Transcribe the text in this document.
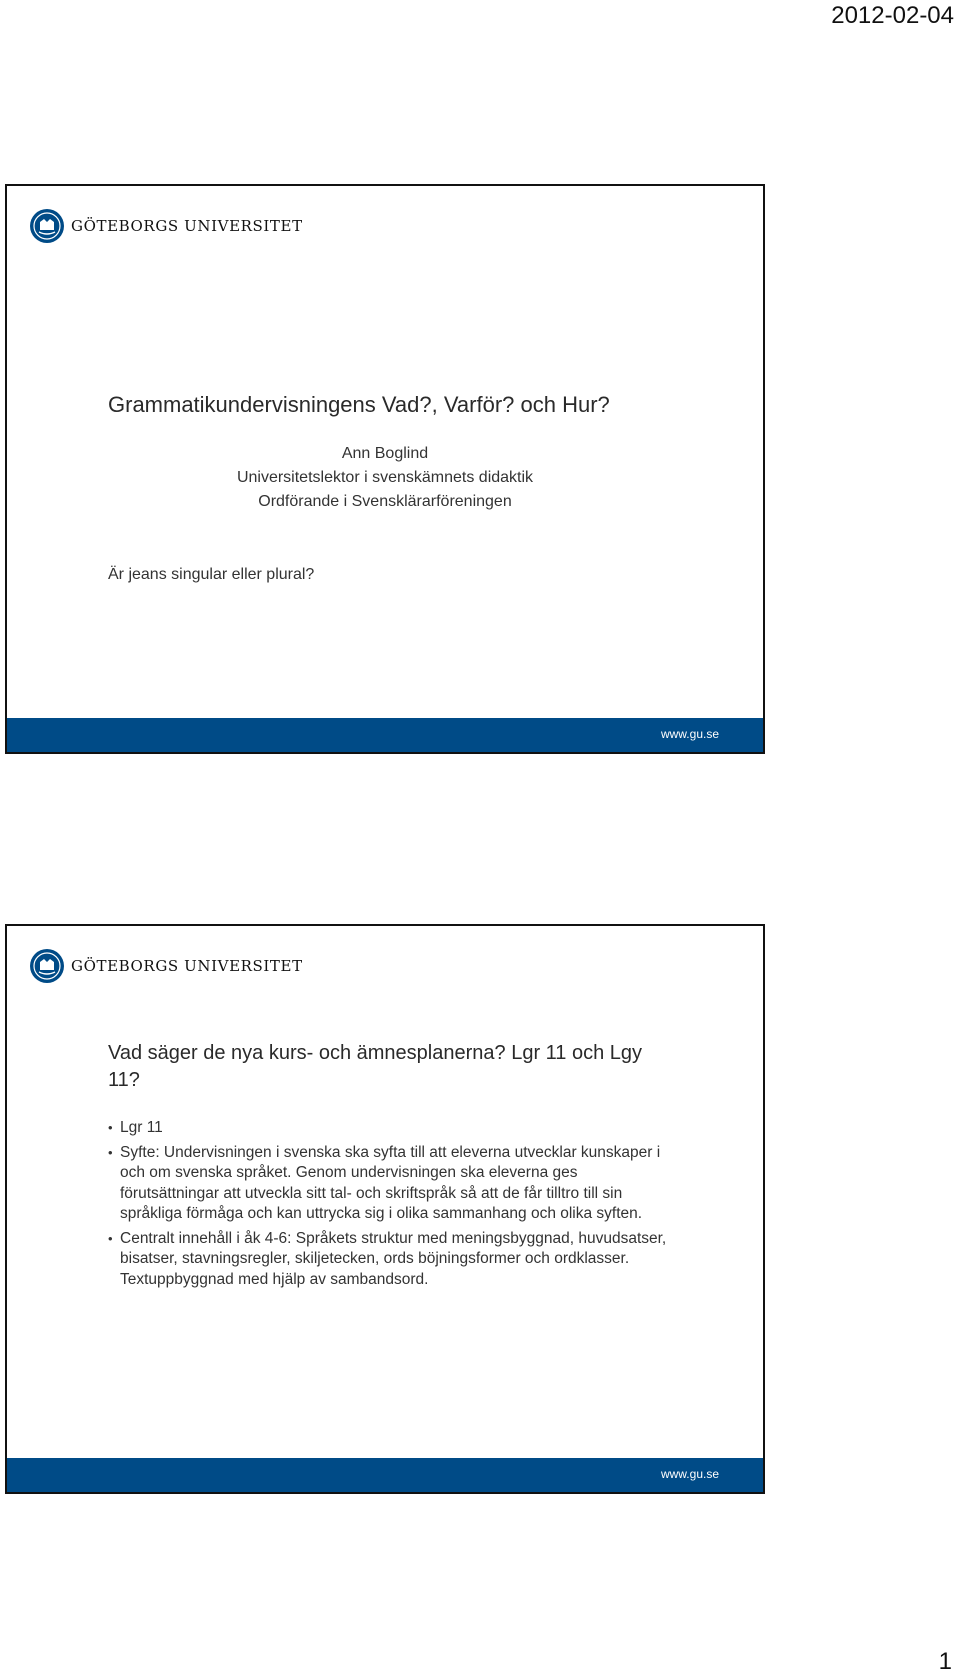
2012-02-04
GÖTEBORGS UNIVERSITET
Grammatikundervisningens Vad?, Varför? och Hur?
Ann Boglind
Universitetslektor i svenskämnets didaktik
Ordförande i Svensklärarföreningen
Är jeans singular eller plural?
www.gu.se
GÖTEBORGS UNIVERSITET
Vad säger de nya kurs- och ämnesplanerna? Lgr 11 och Lgy 11?
• Lgr 11
• Syfte: Undervisningen i svenska ska syfta till att eleverna utvecklar kunskaper i och om svenska språket. Genom undervisningen ska eleverna ges förutsättningar att utveckla sitt tal- och skriftspråk så att de får tilltro till sin språkliga förmåga och kan uttrycka sig i olika sammanhang och olika syften.
• Centralt innehåll i åk 4-6: Språkets struktur med meningsbyggnad, huvudsatser, bisatser, stavningsregler, skiljetecken, ords böjningsformer och ordklasser. Textuppbyggnad med hjälp av sambandsord.
www.gu.se
1
